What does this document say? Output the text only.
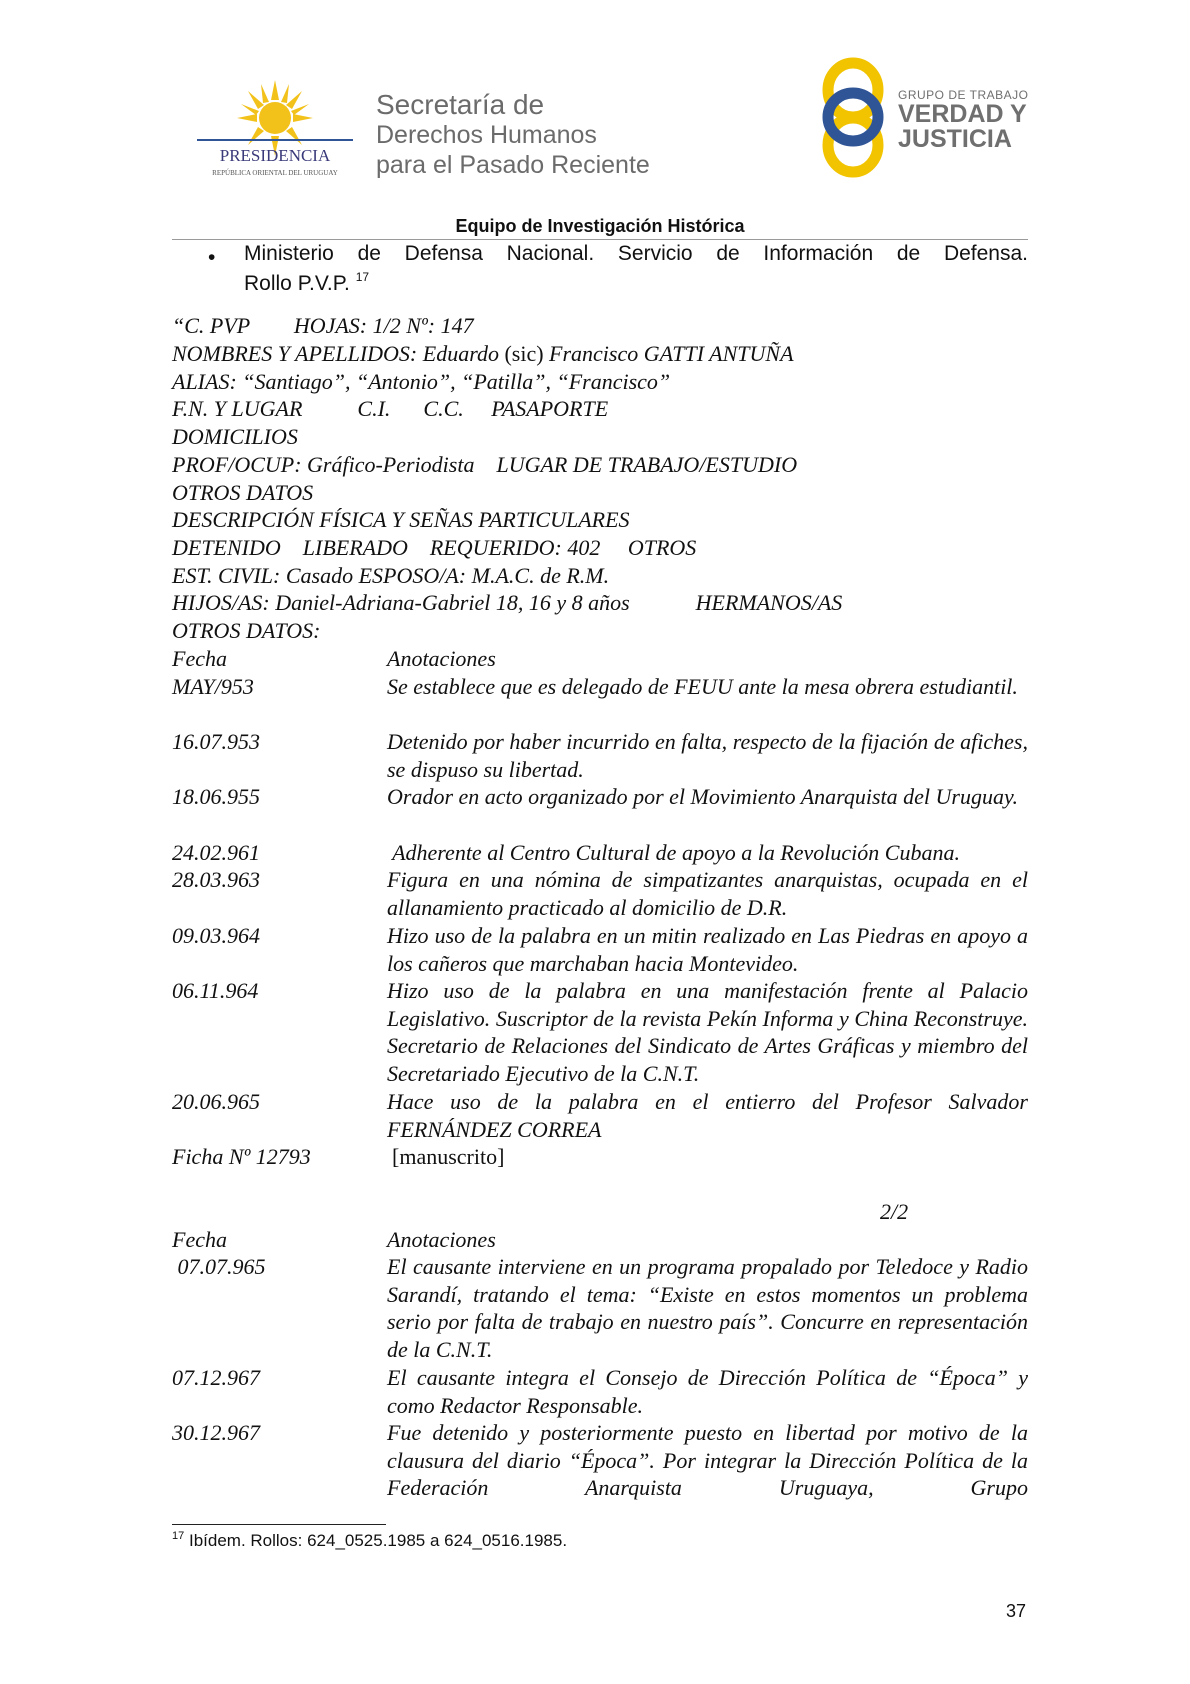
PRESIDENCIA
REPÚBLICA ORIENTAL DEL URUGUAY
Secretaría de
Derechos Humanos
para el Pasado Reciente
GRUPO DE TRABAJO
VERDAD Y
JUSTICIA
Equipo de Investigación Histórica
• Ministerio de Defensa Nacional. Servicio de Información de Defensa.
Rollo P.V.P. $^{17}$
“C. PVP        HOJAS: 1/2 Nº: 147
NOMBRES Y APELLIDOS: Eduardo (sic) Francisco GATTI ANTUÑA
ALIAS: “Santiago”, “Antonio”, “Patilla”, “Francisco”
F.N. Y LUGAR          C.I.      C.C.     PASAPORTE
DOMICILIOS
PROF/OCUP: Gráfico-Periodista    LUGAR DE TRABAJO/ESTUDIO
OTROS DATOS
DESCRIPCIÓN FÍSICA Y SEÑAS PARTICULARES
DETENIDO    LIBERADO    REQUERIDO: 402     OTROS
EST. CIVIL: Casado ESPOSO/A: M.A.C. de R.M.
HIJOS/AS: Daniel-Adriana-Gabriel 18, 16 y 8 años            HERMANOS/AS
OTROS DATOS:
Fecha	Anotaciones
MAY/953	Se establece que es delegado de FEUU ante la mesa obrera estudiantil.
16.07.953	Detenido por haber incurrido en falta, respecto de la fijación de afiches, se dispuso su libertad.
18.06.955	Orador en acto organizado por el Movimiento Anarquista del Uruguay.
24.02.961	Adherente al Centro Cultural de apoyo a la Revolución Cubana.
28.03.963	Figura en una nómina de simpatizantes anarquistas, ocupada en el allanamiento practicado al domicilio de D.R.
09.03.964	Hizo uso de la palabra en un mitin realizado en Las Piedras en apoyo a los cañeros que marchaban hacia Montevideo.
06.11.964	Hizo uso de la palabra en una manifestación frente al Palacio Legislativo. Suscriptor de la revista Pekín Informa y China Reconstruye. Secretario de Relaciones del Sindicato de Artes Gráficas y miembro del Secretariado Ejecutivo de la C.N.T.
20.06.965	Hace uso de la palabra en el entierro del Profesor Salvador FERNÁNDEZ CORREA
Ficha Nº 12793	[manuscrito]
2/2
Fecha	Anotaciones
07.07.965	El causante interviene en un programa propalado por Teledoce y Radio Sarandí, tratando el tema: “Existe en estos momentos un problema serio por falta de trabajo en nuestro país”. Concurre en representación de la C.N.T.
07.12.967	El causante integra el Consejo de Dirección Política de “Época” y como Redactor Responsable.
30.12.967	Fue detenido y posteriormente puesto en libertad por motivo de la clausura del diario “Época”. Por integrar la Dirección Política de la Federación Anarquista Uruguaya, Grupo
$^{17}$ Ibídem. Rollos: 624_0525.1985 a 624_0516.1985.
37
